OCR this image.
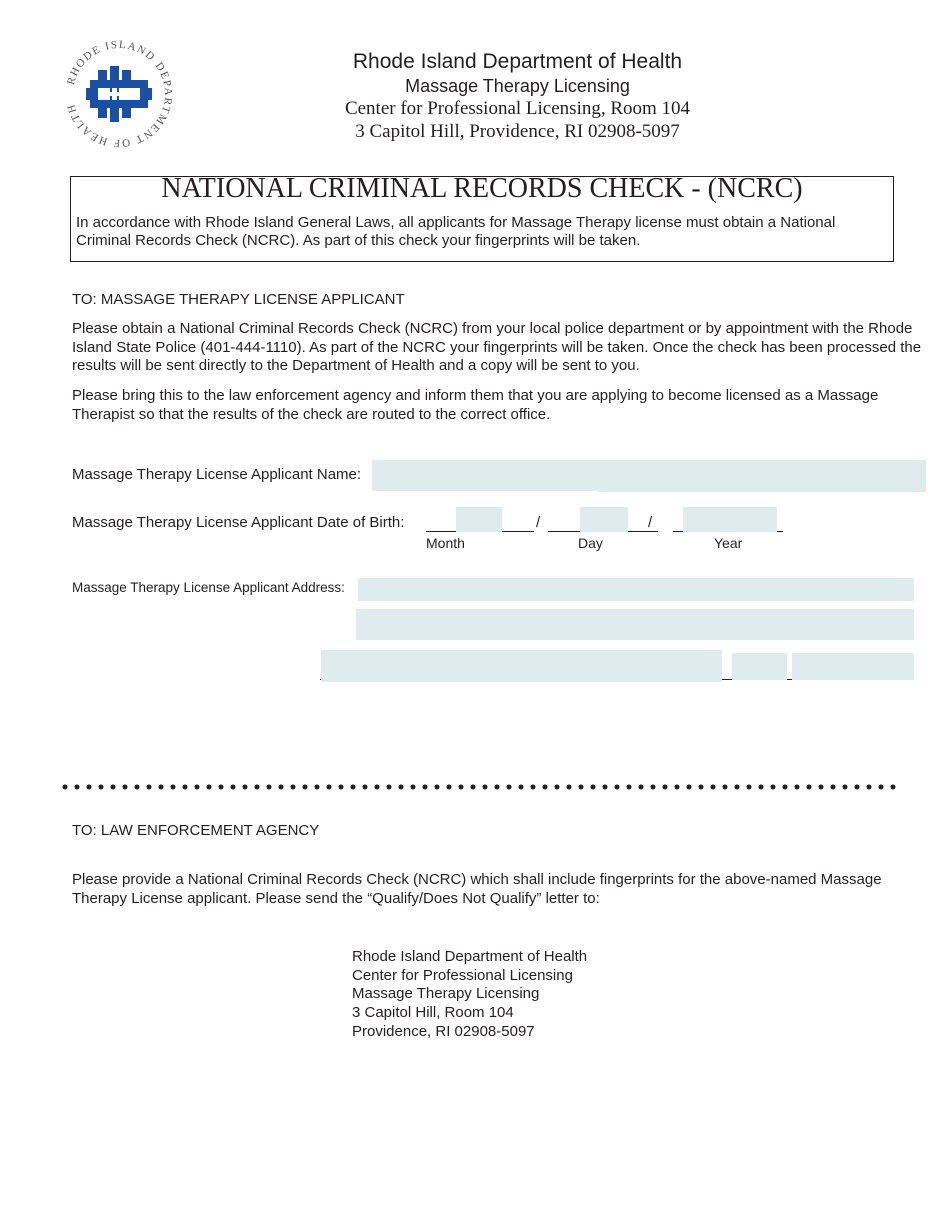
RHODE ISLAND DEPARTMENT OF HEALTH
Rhode Island Department of Health
Massage Therapy Licensing
Center for Professional Licensing, Room 104
3 Capitol Hill, Providence, RI 02908-5097
NATIONAL CRIMINAL RECORDS CHECK - (NCRC)
In accordance with Rhode Island General Laws, all applicants for Massage Therapy license must obtain a National Criminal Records Check (NCRC). As part of this check your fingerprints will be taken.
TO: MASSAGE THERAPY LICENSE APPLICANT
Please obtain a National Criminal Records Check (NCRC) from your local police department or by appointment with the Rhode Island State Police (401-444-1110). As part of the NCRC your fingerprints will be taken. Once the check has been processed the results will be sent directly to the Department of Health and a copy will be sent to you.
Please bring this to the law enforcement agency and inform them that you are applying to become licensed as a Massage Therapist so that the results of the check are routed to the correct office.
Massage Therapy License Applicant Name:
Massage Therapy License Applicant Date of Birth:	/	/
Month	Day	Year
Massage Therapy License Applicant Address:
TO: LAW ENFORCEMENT AGENCY
Please provide a National Criminal Records Check (NCRC) which shall include fingerprints for the above-named Massage Therapy License applicant. Please send the “Qualify/Does Not Qualify” letter to:
Rhode Island Department of Health
Center for Professional Licensing
Massage Therapy Licensing
3 Capitol Hill, Room 104
Providence, RI 02908-5097
